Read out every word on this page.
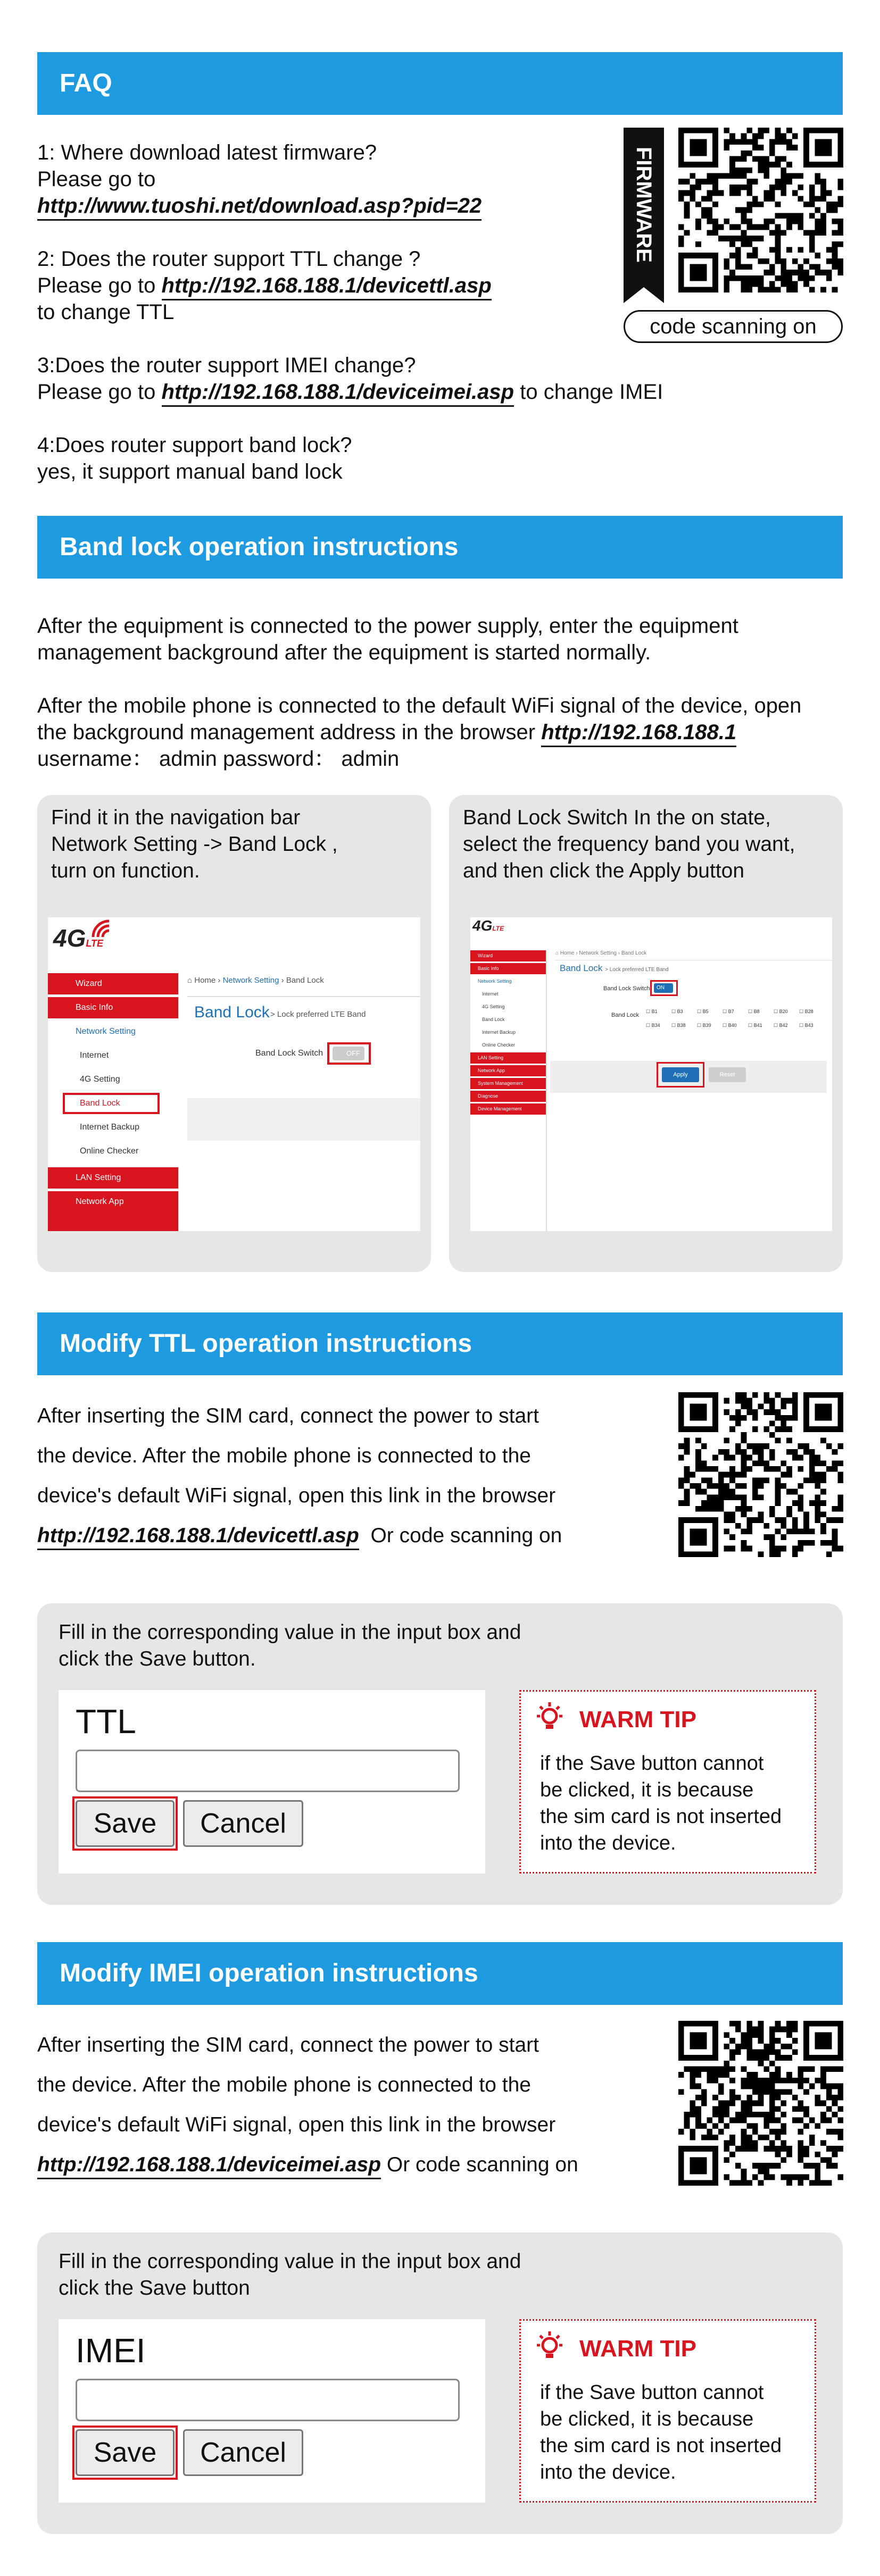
FAQ
1: Where download latest firmware?
Please go to
http://www.tuoshi.net/download.asp?pid=22
2: Does the router support TTL change ?
Please go to http://192.168.188.1/devicettl.asp
to change TTL
3:Does the router support IMEI change?
Please go to http://192.168.188.1/deviceimei.asp to change IMEI
4:Does router support band lock?
yes, it support manual band lock
FIRMWARE
code scanning on
Band lock operation instructions
After the equipment is connected to the power supply, enter the equipment
management background after the equipment is started normally.
After the mobile phone is connected to the default WiFi signal of the device, open
the background management address in the browser http://192.168.188.1
username： admin password： admin
Find it in the navigation bar
Network Setting -> Band Lock ,
turn on function.
4GLTE
Wizard
Basic Info
Network Setting
Internet
4G Setting
Band Lock
Internet Backup
Online Checker
LAN Setting
Network App
⌂ Home › Network Setting › Band Lock
Band Lock > Lock preferred LTE Band
Band Lock Switch	OFF
Band Lock Switch In the on state,
select the frequency band you want,
and then click the Apply button
4GLTE
Wizard
Basic Info
Network Setting
Internet
4G Setting
Band Lock
Internet Backup
Online Checker
LAN Setting
Network App
System Management
Diagnose
Device Management
⌂ Home › Network Setting › Band Lock
Band Lock > Lock preferred LTE Band
Band Lock Switch	ON
Band Lock
☐ B1	☐ B3	☐ B5	☐ B7	☐ B8	☐ B20 ☐ B28
☐ B34 ☐ B38 ☐ B39 ☐ B40 ☐ B41 ☐ B42 ☐ B43
Apply	Reset
Modify TTL operation instructions
After inserting the SIM card, connect the power to start
the device. After the mobile phone is connected to the
device's default WiFi signal, open this link in the browser
http://192.168.188.1/devicettl.asp Or code scanning on
Fill in the corresponding value in the input box and
click the Save button.
TTL
Save	Cancel
WARM TIP
if the Save button cannot
be clicked, it is because
the sim card is not inserted
into the device.
Modify IMEI operation instructions
After inserting the SIM card, connect the power to start
the device. After the mobile phone is connected to the
device's default WiFi signal, open this link in the browser
http://192.168.188.1/deviceimei.asp Or code scanning on
Fill in the corresponding value in the input box and
click the Save button
IMEI
Save	Cancel
WARM TIP
if the Save button cannot
be clicked, it is because
the sim card is not inserted
into the device.
